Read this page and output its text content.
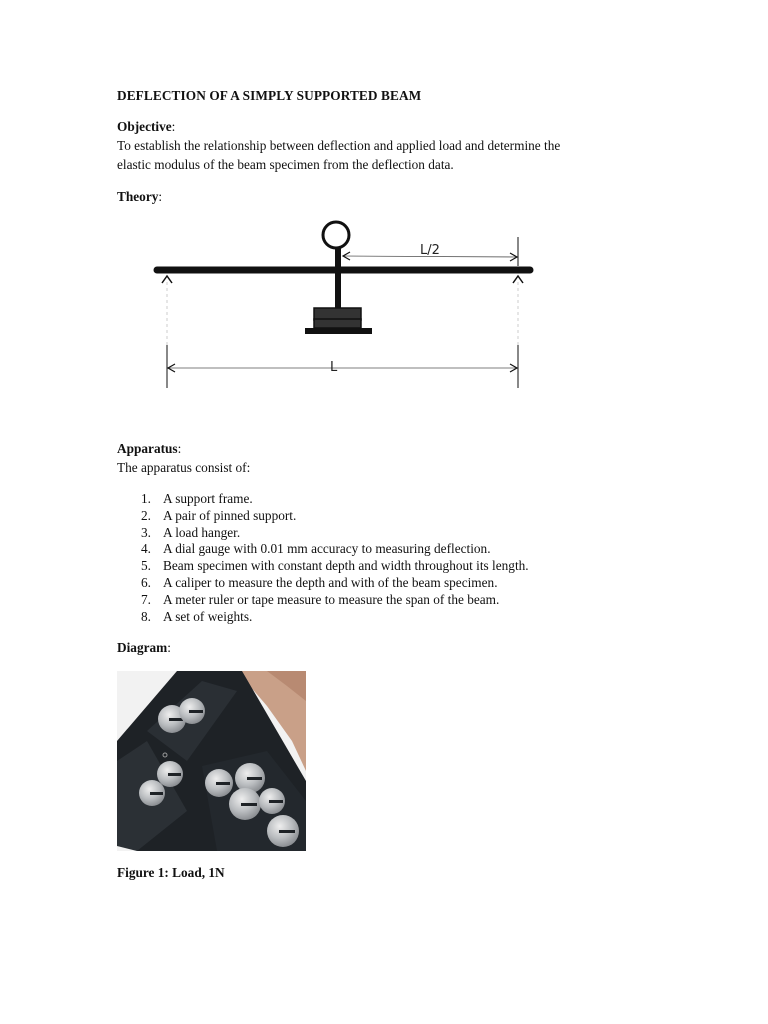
DEFLECTION OF A SIMPLY SUPPORTED BEAM
Objective:
To establish the relationship between deflection and applied load and determine the
elastic modulus of the beam specimen from the deflection data.
Theory:
L/2
L
Apparatus:
The apparatus consist of:
1. A support frame.
2. A pair of pinned support.
3. A load hanger.
4. A dial gauge with 0.01 mm accuracy to measuring deflection.
5. Beam specimen with constant depth and width throughout its length.
6. A caliper to measure the depth and with of the beam specimen.
7. A meter ruler or tape measure to measure the span of the beam.
8. A set of weights.
Diagram:
Figure 1: Load, 1N
